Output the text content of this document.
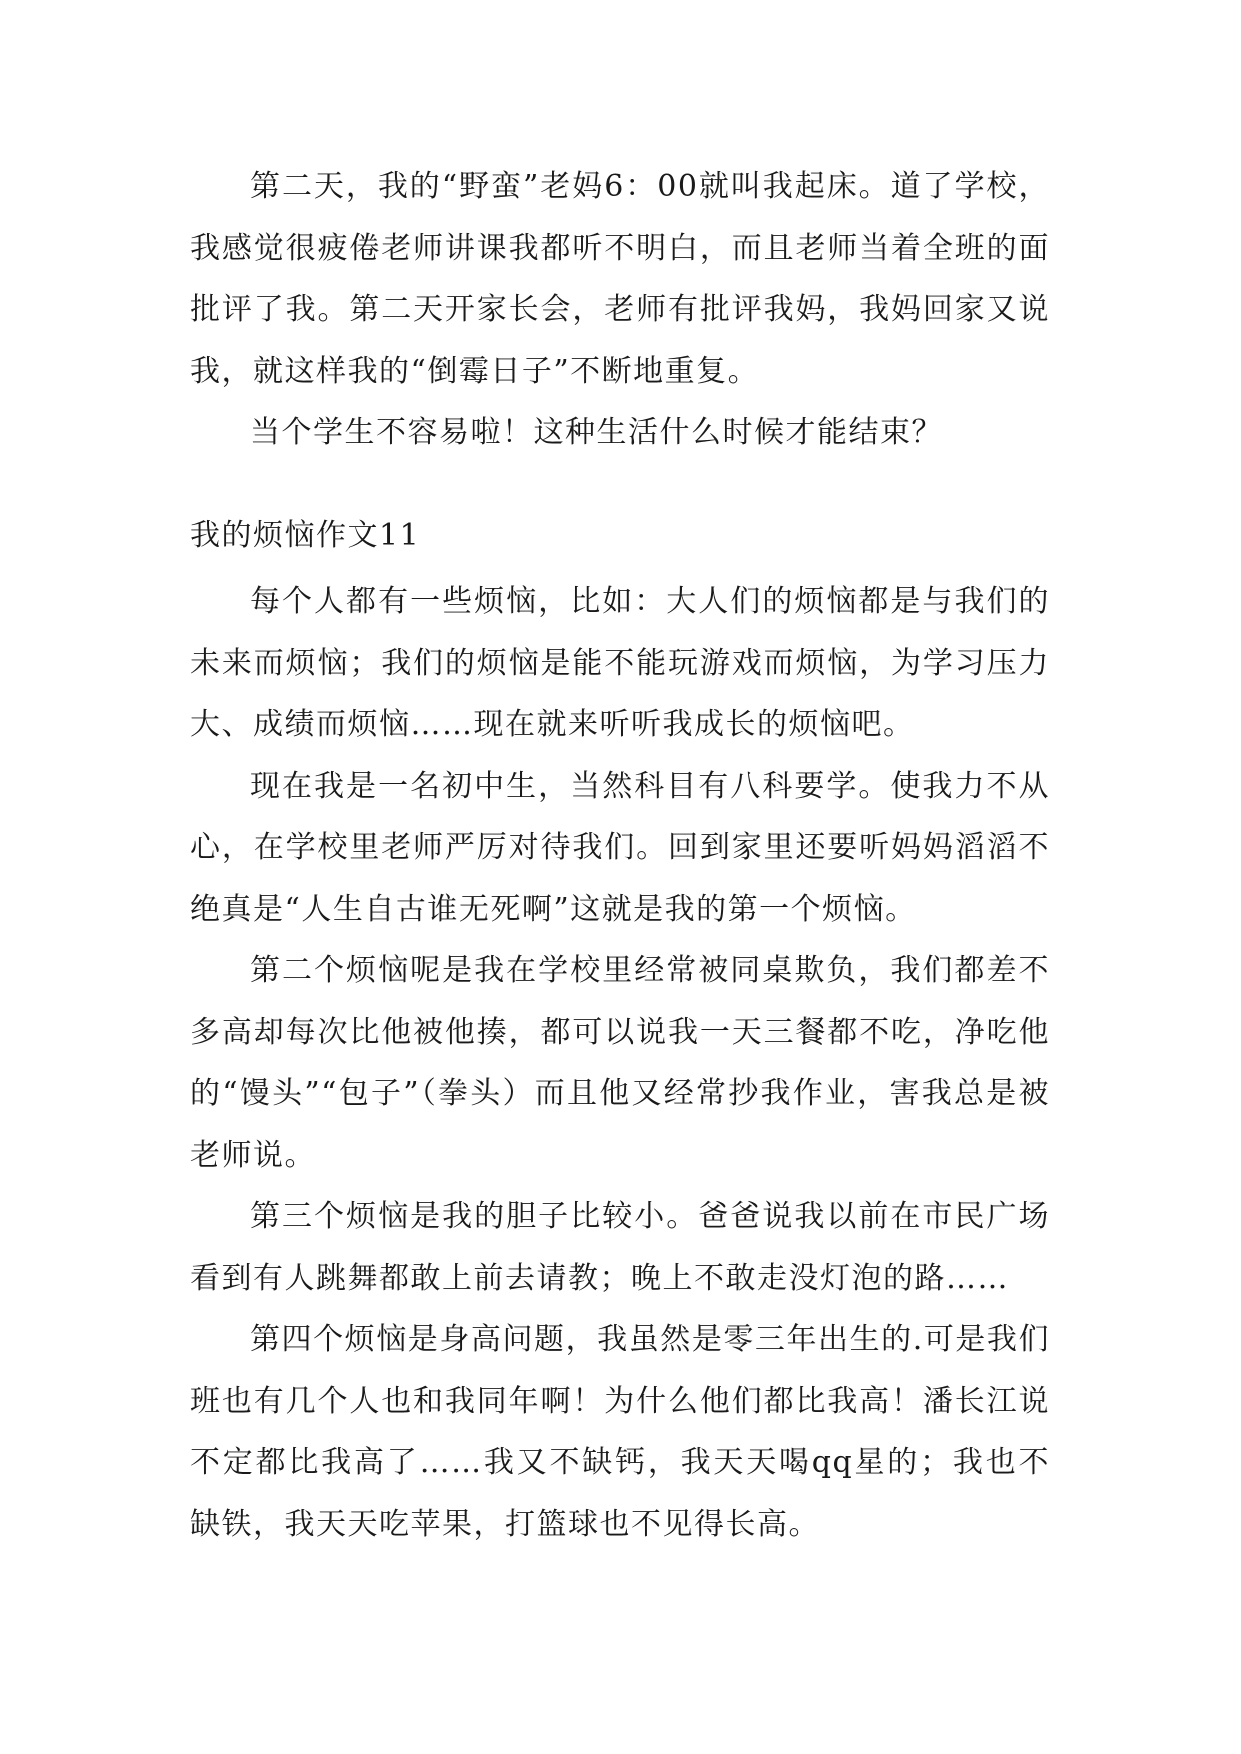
第二天，我的“野蛮”老妈6：00就叫我起床。道了学校，我感觉很疲倦老师讲课我都听不明白，而且老师当着全班的面批评了我。第二天开家长会，老师有批评我妈，我妈回家又说我，就这样我的“倒霉日子”不断地重复。

当个学生不容易啦！这种生活什么时候才能结束？

我的烦恼作文11

每个人都有一些烦恼，比如：大人们的烦恼都是与我们的未来而烦恼；我们的烦恼是能不能玩游戏而烦恼，为学习压力大、成绩而烦恼……现在就来听听我成长的烦恼吧。

现在我是一名初中生，当然科目有八科要学。使我力不从心，在学校里老师严厉对待我们。回到家里还要听妈妈滔滔不绝真是“人生自古谁无死啊”这就是我的第一个烦恼。

第二个烦恼呢是我在学校里经常被同桌欺负，我们都差不多高却每次比他被他揍，都可以说我一天三餐都不吃，净吃他的“馒头”“包子”（拳头）而且他又经常抄我作业，害我总是被老师说。

第三个烦恼是我的胆子比较小。爸爸说我以前在市民广场看到有人跳舞都敢上前去请教；晚上不敢走没灯泡的路……

第四个烦恼是身高问题，我虽然是零三年出生的.可是我们班也有几个人也和我同年啊！为什么他们都比我高！潘长江说不定都比我高了……我又不缺钙，我天天喝qq星的；我也不缺铁，我天天吃苹果，打篮球也不见得长高。
